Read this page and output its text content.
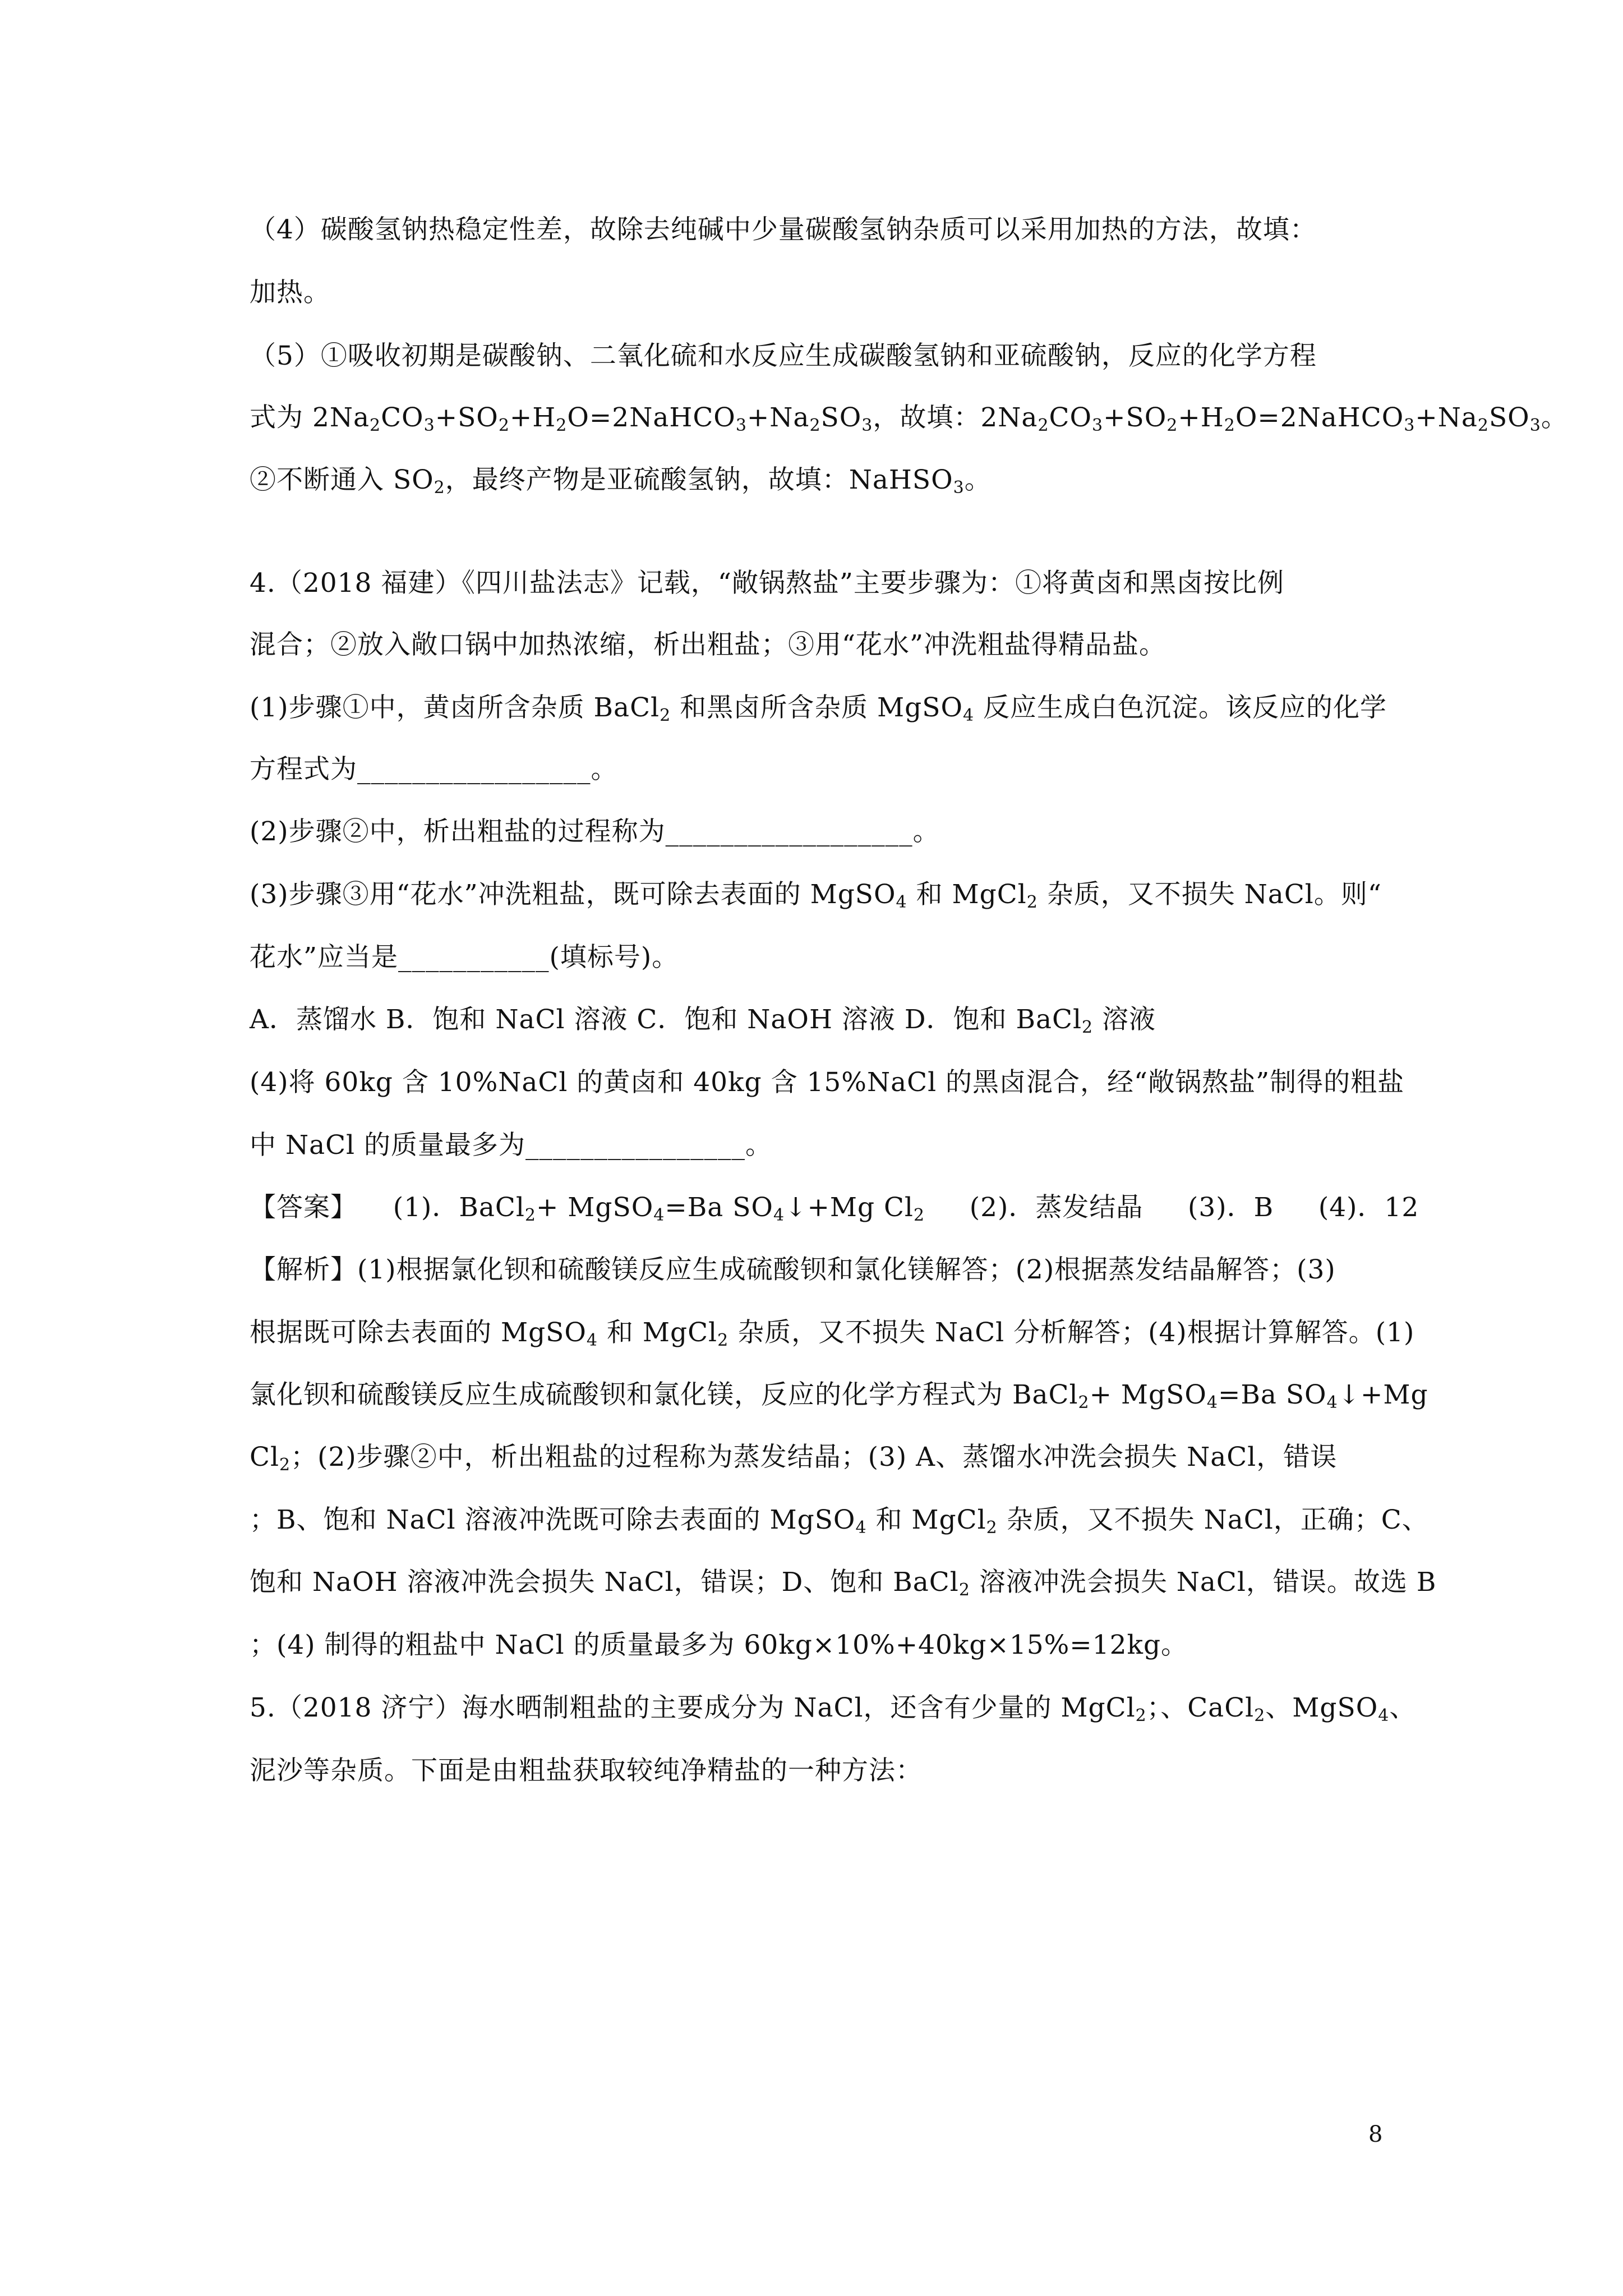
（4）碳酸氢钠热稳定性差，故除去纯碱中少量碳酸氢钠杂质可以采用加热的方法，故填：
加热。
（5）①吸收初期是碳酸钠、二氧化硫和水反应生成碳酸氢钠和亚硫酸钠，反应的化学方程
式为 $2Na_2CO_3+SO_2+H_2O=2NaHCO_3+Na_2SO_3$，故填：$2Na_2CO_3+SO_2+H_2O=2NaHCO_3+Na_2SO_3$。
②不断通入 $SO_2$，最终产物是亚硫酸氢钠，故填：NaHSO$_3$。
4.（2018 福建）《四川盐法志》记载，“敞锅熬盐”主要步骤为：①将黄卤和黑卤按比例
混合；②放入敞口锅中加热浓缩，析出粗盐；③用“花水”冲洗粗盐得精品盐。
(1)步骤①中，黄卤所含杂质 BaCl$_2$ 和黑卤所含杂质 MgSO$_4$ 反应生成白色沉淀。该反应的化学
方程式为_________________。
(2)步骤②中，析出粗盐的过程称为__________________。
(3)步骤③用“花水”冲洗粗盐，既可除去表面的 MgSO$_4$ 和 MgCl$_2$ 杂质，又不损失 NaCl。则“
花水”应当是___________(填标号)。
A．蒸馏水 B．饱和 NaCl 溶液 C．饱和 NaOH 溶液 D．饱和 BaCl$_2$ 溶液
(4)将 60kg 含 10%NaCl 的黄卤和 40kg 含 15%NaCl 的黑卤混合，经“敞锅熬盐”制得的粗盐
中 NaCl 的质量最多为________________。
【答案】    (1)．BaCl$_2$+ MgSO$_4$=Ba $SO_4↓+Mg$ $Cl_2$     (2)．蒸发结晶     (3)．B     (4)．12
【解析】(1)根据氯化钡和硫酸镁反应生成硫酸钡和氯化镁解答；(2)根据蒸发结晶解答；(3)
根据既可除去表面的 MgSO$_4$ 和 MgCl$_2$ 杂质，又不损失 NaCl 分析解答；(4)根据计算解答。(1)
氯化钡和硫酸镁反应生成硫酸钡和氯化镁，反应的化学方程式为 BaCl$_2$+ MgSO$_4$=Ba $SO_4↓+Mg$
$Cl_2$；(2)步骤②中，析出粗盐的过程称为蒸发结晶；(3) A、蒸馏水冲洗会损失 NaCl，错误
；B、饱和 NaCl 溶液冲洗既可除去表面的 MgSO$_4$ 和 MgCl$_2$ 杂质，又不损失 NaCl，正确；C、
饱和 NaOH 溶液冲洗会损失 NaCl，错误；D、饱和 BaCl$_2$ 溶液冲洗会损失 NaCl，错误。故选 B
；(4) 制得的粗盐中 NaCl 的质量最多为 60kg×10%+40kg×15%=12kg。
5.（2018 济宁）海水晒制粗盐的主要成分为 NaCl，还含有少量的 MgCl$_2$；、CaCl$_2$、MgSO$_4$、
泥沙等杂质。下面是由粗盐获取较纯净精盐的一种方法：
8
